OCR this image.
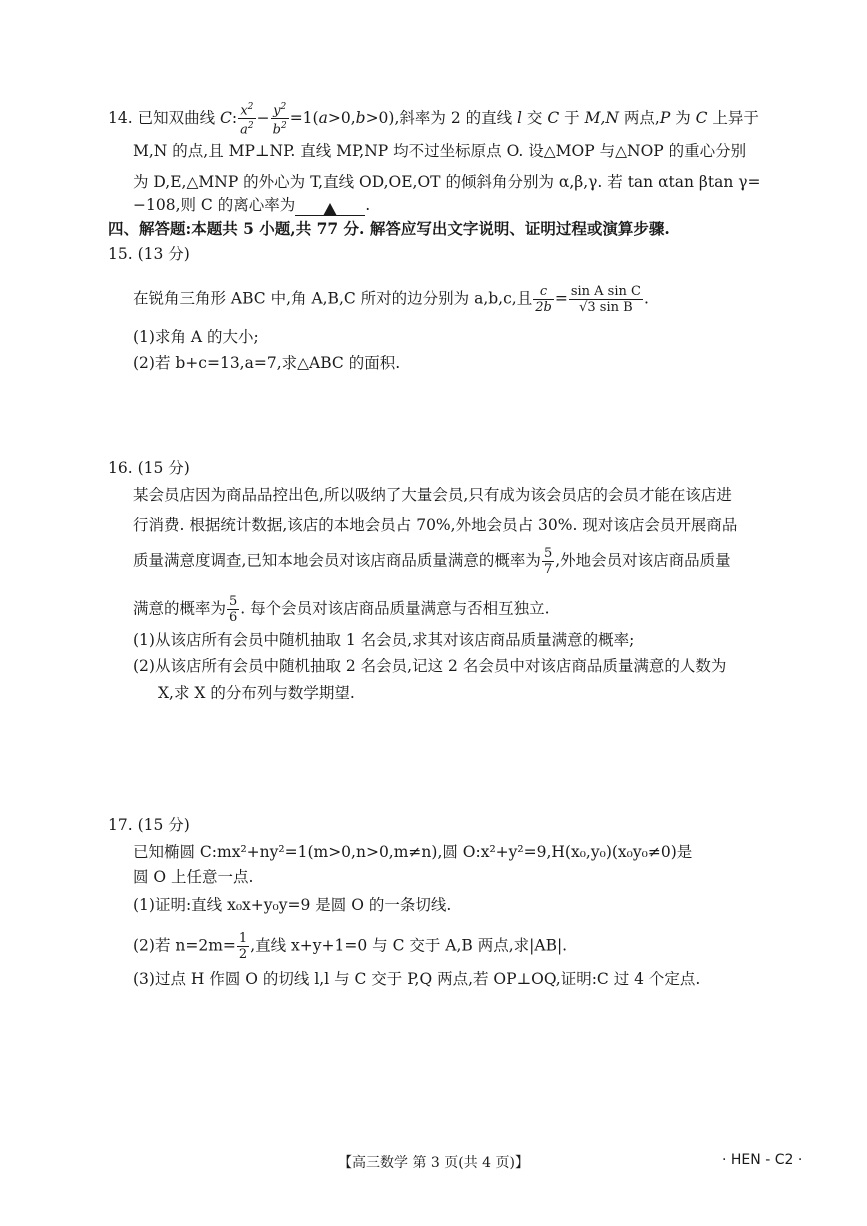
14. 已知双曲线 C: $\frac{x^2}{a^2} - \frac{y^2}{b^2} =1(a>0,b>0)$,斜率为 2 的直线 l 交 C 于 M,N 两点,P 为 C 上异于
M,N 的点,且 MP⊥NP. 直线 MP,NP 均不过坐标原点 O. 设△MOP 与△NOP 的重心分别
为 D,E,△MNP 的外心为 T,直线 OD,OE,OT 的倾斜角分别为 α,β,γ. 若 tan αtan βtan γ=
−108,则 C 的离心率为	.
四、解答题:本题共 5 小题,共 77 分. 解答应写出文字说明、证明过程或演算步骤.
15. (13 分)
在锐角三角形 ABC 中,角 A,B,C 所对的边分别为 a,b,c,且 $\frac{c}{2b} = \frac{\text{sin A sin C}}{\text{√3 sin B}}$ .
(1)求角 A 的大小;
(2)若 b+c=13,a=7,求△ABC 的面积.
16. (15 分)
某会员店因为商品品控出色,所以吸纳了大量会员,只有成为该会员店的会员才能在该店进
行消费. 根据统计数据,该店的本地会员占 70%,外地会员占 30%. 现对该店会员开展商品
质量满意度调查,已知本地会员对该店商品质量满意的概率为 $\frac{5}{7}$ ,外地会员对该店商品质量
满意的概率为 $\frac{5}{6}$ . 每个会员对该店商品质量满意与否相互独立.
(1)从该店所有会员中随机抽取 1 名会员,求其对该店商品质量满意的概率;
(2)从该店所有会员中随机抽取 2 名会员,记这 2 名会员中对该店商品质量满意的人数为
X,求 X 的分布列与数学期望.
17. (15 分)
已知椭圆 C:mx²+ny²=1(m>0,n>0,m≠n),圆 O:x²+y²=9,H(x₀,y₀)(x₀y₀≠0)是
圆 O 上任意一点.
(1)证明:直线 x₀x+y₀y=9 是圆 O 的一条切线.
(2)若 $n=2m= \frac{1}{2}$ ,直线 x+y+1=0 与 C 交于 A,B 两点,求|AB|.
(3)过点 H 作圆 O 的切线 l,l 与 C 交于 P,Q 两点,若 OP⊥OQ,证明:C 过 4 个定点.
【高三数学 第 3 页(共 4 页)】	· HEN - C2 ·
